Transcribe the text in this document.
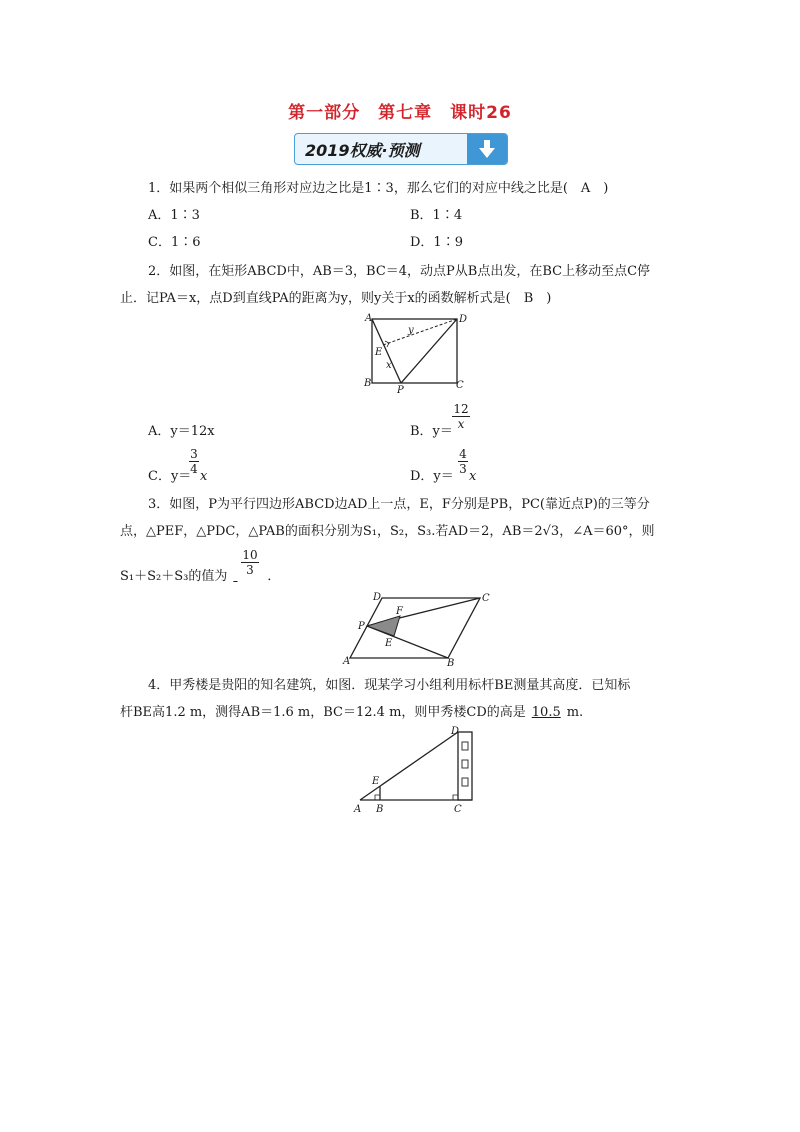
第一部分　第七章　课时26
2019权威·预测
1．如果两个相似三角形对应边之比是1∶3，那么它们的对应中线之比是(　A　)
A．1∶3	B．1∶4
C．1∶6	D．1∶9
2．如图，在矩形ABCD中，AB＝3，BC＝4，动点P从B点出发，在BC上移动至点C停
止．记PA＝x，点D到直线PA的距离为y，则y关于x的函数解析式是(　B　)
A	D
B	C
P
E
x
y
A．y＝12x	B．y＝
$\frac{12}{x}$
C．y＝
$\frac{3}{4}$
x	D．y＝
$\frac{4}{3}$
x
3．如图，P为平行四边形ABCD边AD上一点，E，F分别是PB，PC(靠近点P)的三等分
点，△PEF，△PDC，△PAB的面积分别为S₁，S₂，S₃.若AD＝2，AB＝2√3，∠A＝60°，则
S₁＋S₂＋S₃的值为	．
$\frac{10}{3}$
A	B
C
D
P
E
F
4．甲秀楼是贵阳的知名建筑，如图．现某学习小组利用标杆BE测量其高度．已知标
杆BE高1.2 m，测得AB＝1.6 m，BC＝12.4 m，则甲秀楼CD的高是 10.5 m.
A B	C
D
E
